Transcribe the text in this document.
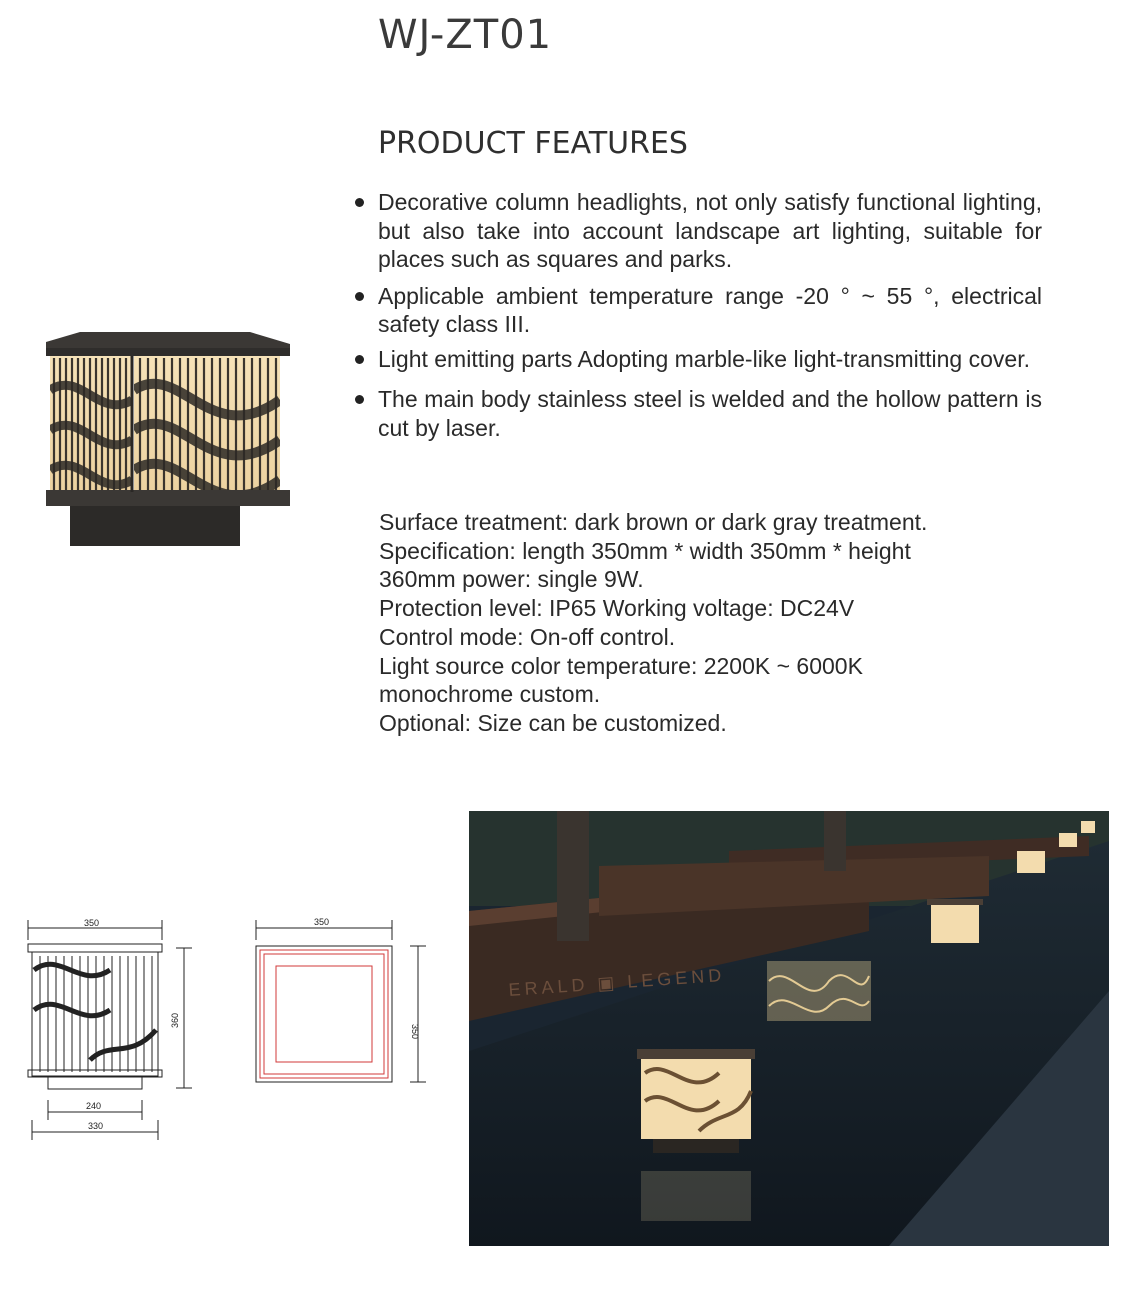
WJ-ZT01
PRODUCT FEATURES
Decorative column headlights, not only satisfy functional lighting, but also take into account landscape art lighting, suitable for places such as squares and parks.
Applicable ambient temperature range -20 ° ~ 55 °, electrical safety class III.
Light emitting parts Adopting marble-like light-transmitting cover.
The main body stainless steel is welded and the hollow pattern is cut by laser.
Surface treatment: dark brown or dark gray treatment.
Specification: length 350mm * width 350mm * height
360mm power: single 9W.
Protection level: IP65 Working voltage: DC24V
Control mode: On-off control.
Light source color temperature: 2200K ~ 6000K
monochrome custom.
Optional: Size can be customized.
350
360
240
330
350
350
ERALD ▣ LEGEND
